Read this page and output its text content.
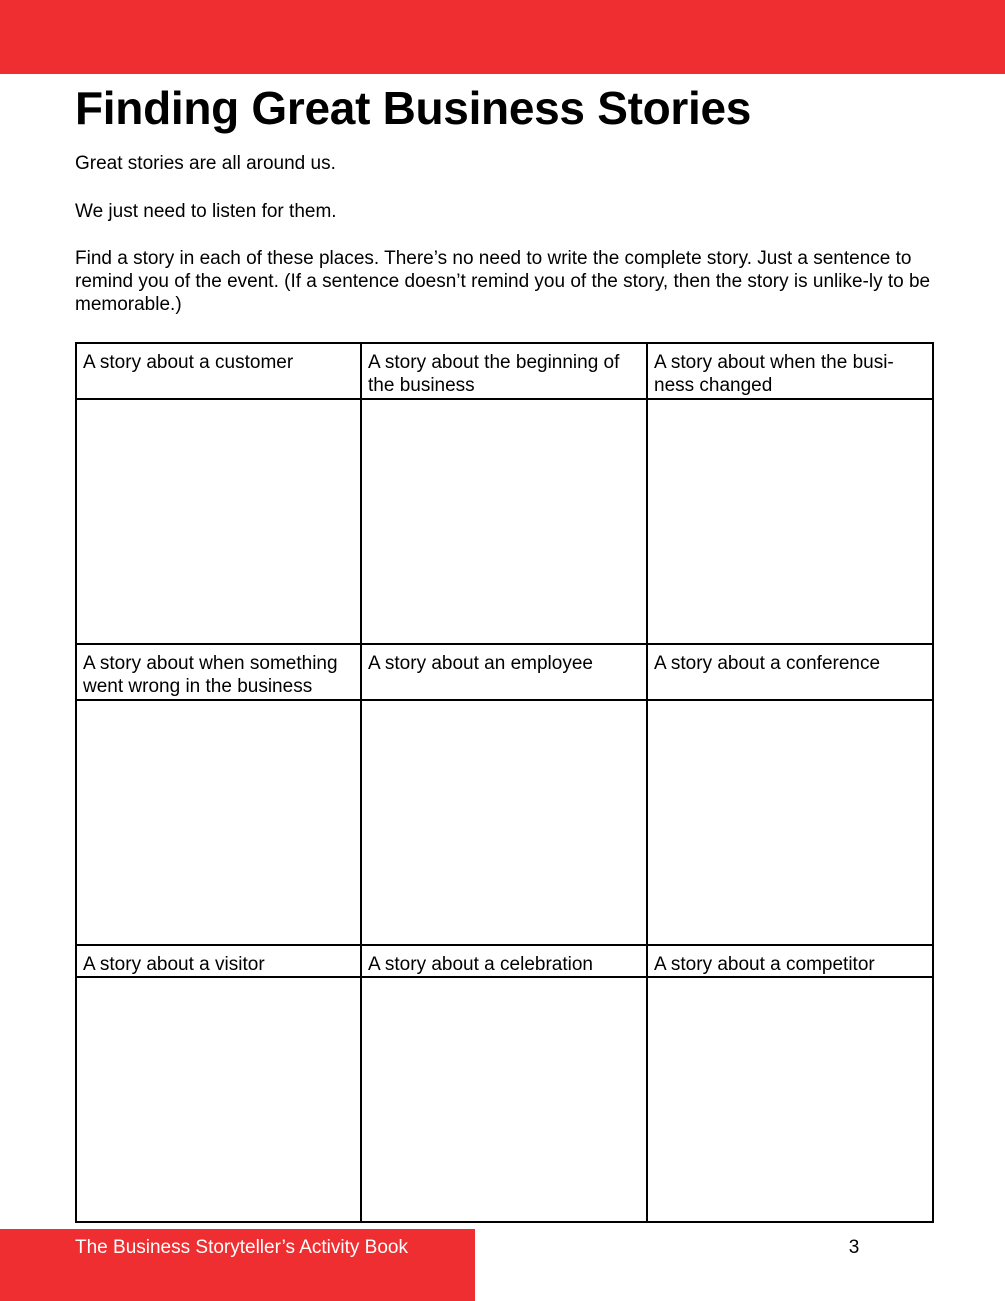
Finding Great Business Stories

Great stories are all around us.

We just need to listen for them.

Find a story in each of these places. There’s no need to write the complete story. Just a sentence to remind you of the event. (If a sentence doesn’t remind you of the story, then the story is unlike-ly to be memorable.)

A story about a customer	A story about the beginning of the business	A story about when the busi-ness changed

A story about when something went wrong in the business	A story about an employee	A story about a conference

A story about a visitor	A story about a celebration	A story about a competitor

The Business Storyteller’s Activity Book	3
